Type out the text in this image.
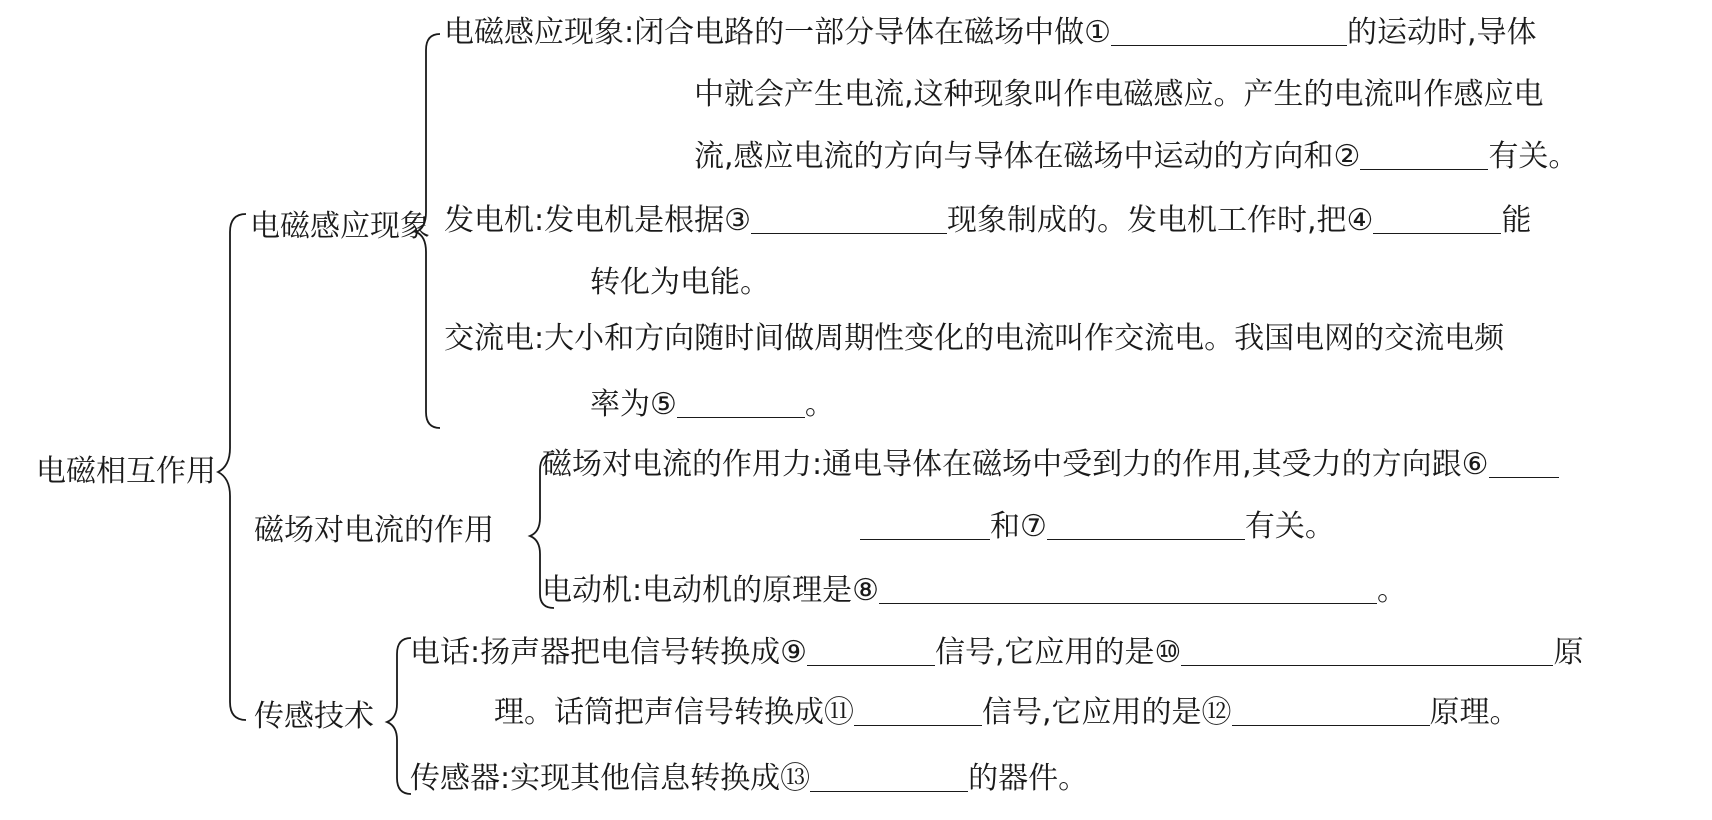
电磁相互作用
电磁感应现象
磁场对电流的作用
传感技术
电磁感应现象:闭合电路的一部分导体在磁场中做①	的运动时,导体
中就会产生电流,这种现象叫作电磁感应。产生的电流叫作感应电
流,感应电流的方向与导体在磁场中运动的方向和②	有关。
发电机:发电机是根据③	现象制成的。发电机工作时,把④	能
转化为电能。
交流电:大小和方向随时间做周期性变化的电流叫作交流电。我国电网的交流电频
率为⑤	。
磁场对电流的作用力:通电导体在磁场中受到力的作用,其受力的方向跟⑥
和⑦	有关。
电动机:电动机的原理是⑧	。
电话:扬声器把电信号转换成⑨	信号,它应用的是⑩	原
理。话筒把声信号转换成⑪	信号,它应用的是⑫	原理。
传感器:实现其他信息转换成⑬	的器件。
